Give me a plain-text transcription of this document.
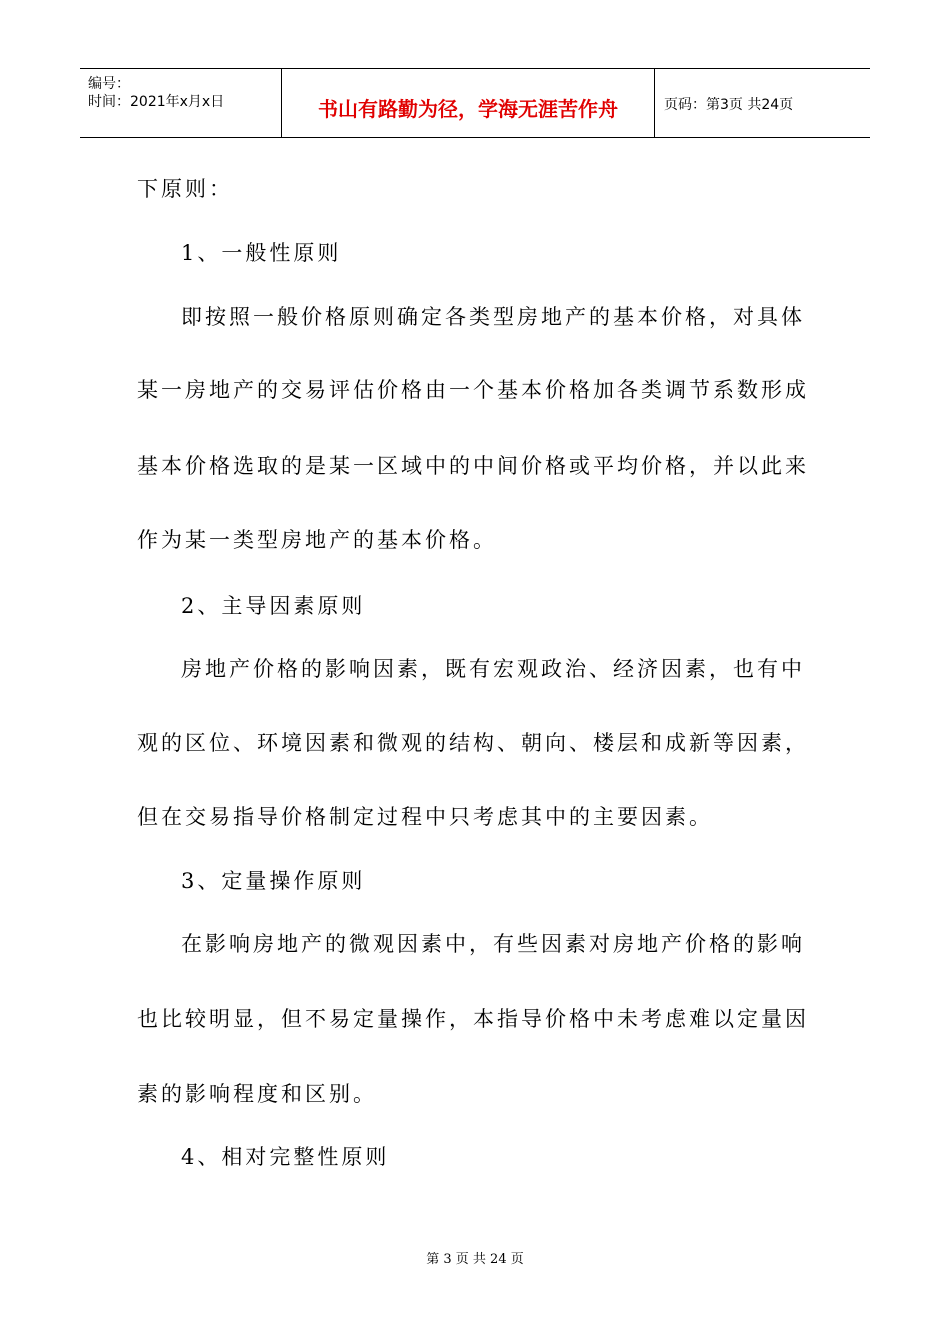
编号：
时间：2021年x月x日	书山有路勤为径，学海无涯苦作舟	页码：第3页 共24页
下原则：
1、一般性原则
即按照一般价格原则确定各类型房地产的基本价格，对具体
某一房地产的交易评估价格由一个基本价格加各类调节系数形成
基本价格选取的是某一区域中的中间价格或平均价格，并以此来
作为某一类型房地产的基本价格。
2、主导因素原则
房地产价格的影响因素，既有宏观政治、经济因素，也有中
观的区位、环境因素和微观的结构、朝向、楼层和成新等因素，
但在交易指导价格制定过程中只考虑其中的主要因素。
3、定量操作原则
在影响房地产的微观因素中，有些因素对房地产价格的影响
也比较明显，但不易定量操作，本指导价格中未考虑难以定量因
素的影响程度和区别。
4、相对完整性原则
第 3 页 共 24 页
